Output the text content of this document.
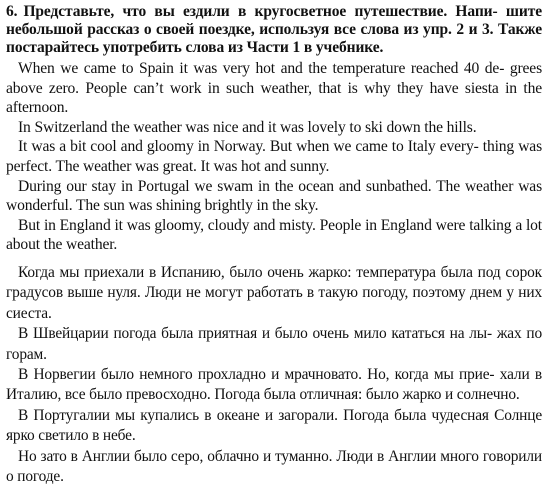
6. Представьте, что вы ездили в кругосветное путешествие. Напи- шите небольшой рассказ о своей поездке, используя все слова из упр. 2 и 3. Также постарайтесь употребить слова из Части 1 в учебнике.

When we came to Spain it was very hot and the temperature reached 40 de- grees above zero. People can’t work in such weather, that is why they have siesta in the afternoon.

In Switzerland the weather was nice and it was lovely to ski down the hills.

It was a bit cool and gloomy in Norway. But when we came to Italy every- thing was perfect. The weather was great. It was hot and sunny.

During our stay in Portugal we swam in the ocean and sunbathed. The weather was wonderful. The sun was shining brightly in the sky.

But in England it was gloomy, cloudy and misty. People in England were talking a lot about the weather.

Когда мы приехали в Испанию, было очень жарко: температура была под сорок градусов выше нуля. Люди не могут работать в такую погоду, поэтому днем у них сиеста.

В Швейцарии погода была приятная и было очень мило кататься на лы- жах по горам.

В Норвегии было немного прохладно и мрачновато. Но, когда мы прие- хали в Италию, все было превосходно. Погода была отличная: было жарко и солнечно.

В Португалии мы купались в океане и загорали. Погода была чудесная Солнце ярко светило в небе.

Но зато в Англии было серо, облачно и туманно. Люди в Англии много говорили о погоде.
